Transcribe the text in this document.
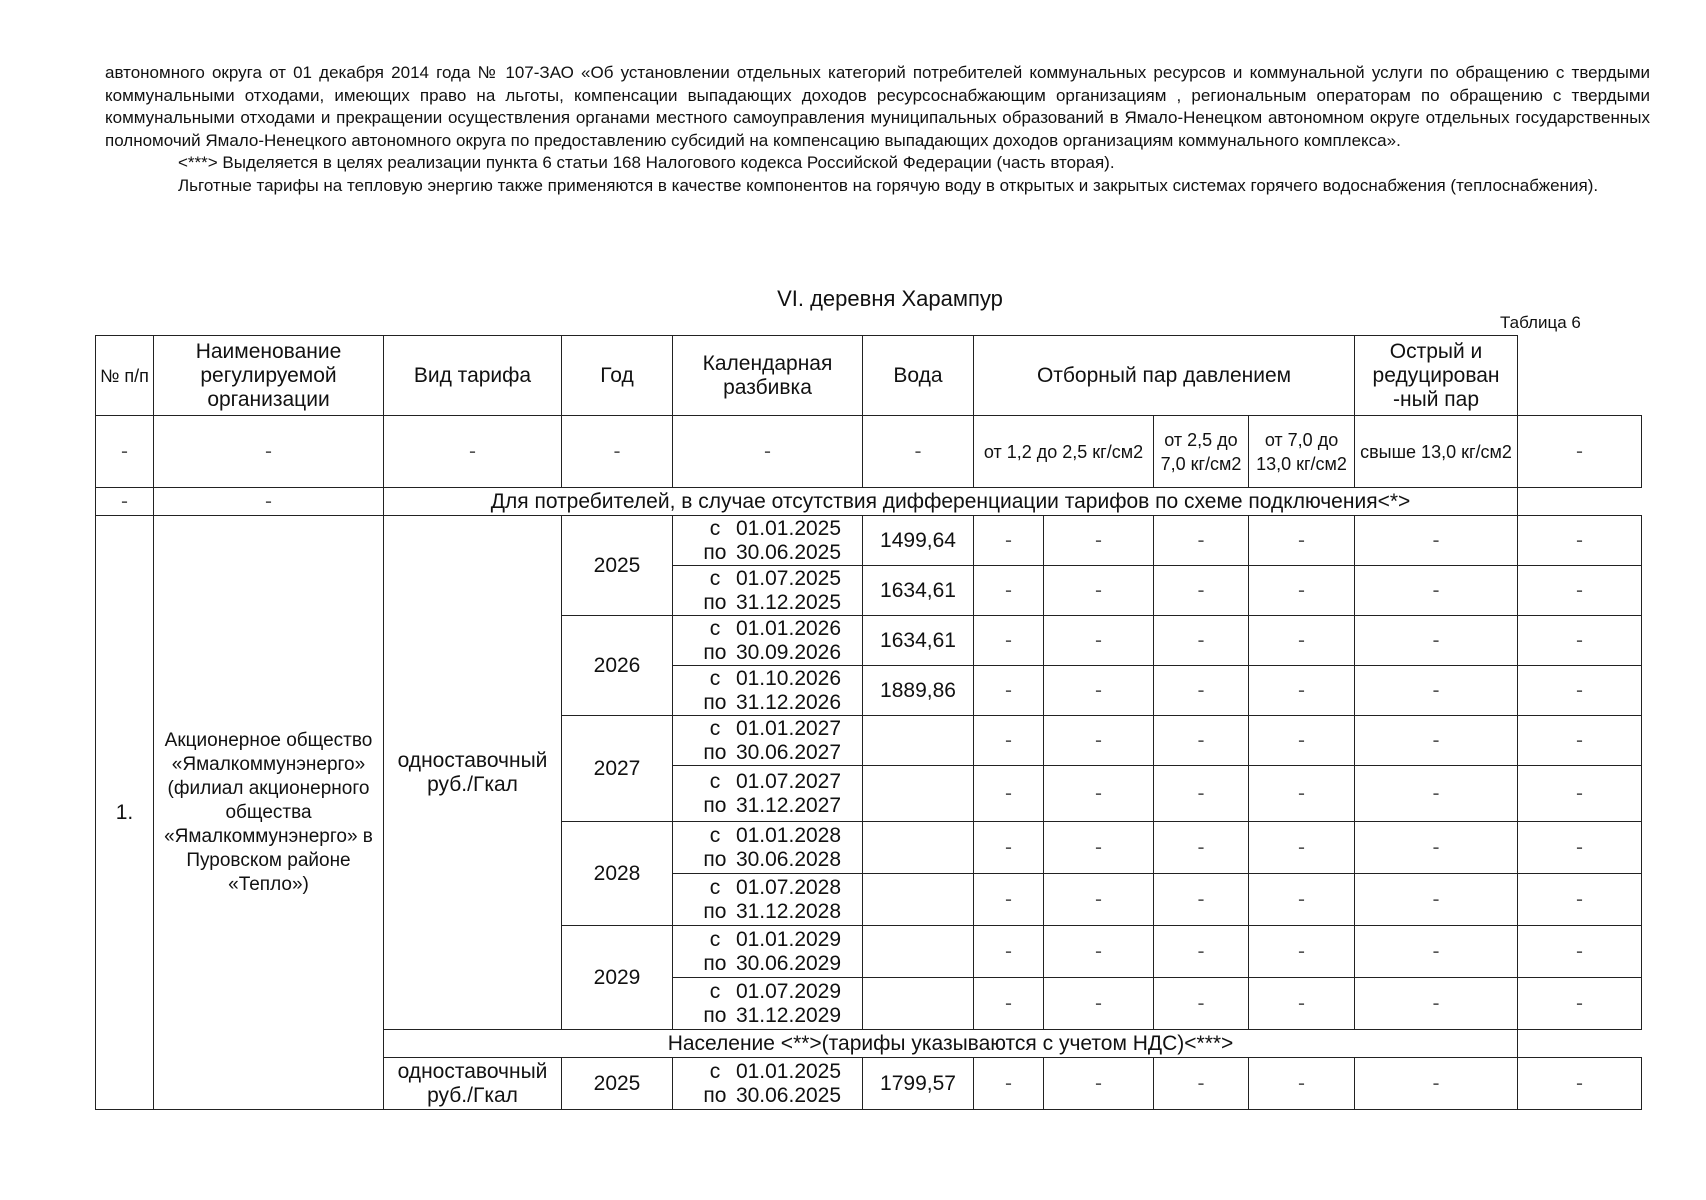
автономного округа от 01 декабря 2014 года № 107-ЗАО «Об установлении отдельных категорий потребителей коммунальных ресурсов и коммунальной услуги по обращению с твердыми коммунальными отходами, имеющих право на льготы, компенсации выпадающих доходов ресурсоснабжающим организациям , региональным операторам по обращению с твердыми коммунальными отходами и прекращении осуществления органами местного самоуправления муниципальных образований в Ямало-Ненецком автономном округе отдельных государственных полномочий Ямало-Ненецкого автономного округа по предоставлению субсидий на компенсацию выпадающих доходов организациям коммунального комплекса».

<***> Выделяется в целях реализации пункта 6 статьи 168 Налогового кодекса Российской Федерации (часть вторая).

Льготные тарифы на тепловую энергию также применяются в качестве компонентов на горячую воду в открытых и закрытых системах горячего водоснабжения (теплоснабжения).

VI. деревня Харампур
Таблица 6
№ п/п	Наименование регулируемой организации	Вид тарифа	Год	Календарная разбивка	Вода	Отборный пар давлением				Острый и редуцирован -ный пар	
-	-	-	-	-	-	от 1,2 до 2,5 кг/см2		от 2,5 до 7,0 кг/см2	от 7,0 до 13,0 кг/см2	свыше 13,0 кг/см2	-
-	-	Для потребителей, в случае отсутствия дифференциации тарифов по схеме подключения<*>									
1.	Акционерное общество «Ямалкоммунэнерго» (филиал акционерного общества «Ямалкоммунэнерго» в Пуровском районе «Тепло»)	одноставочный руб./Гкал	2025	с 01.01.2025
по 30.06.2025	1499,64	-	-	-	-	-	-

				с 01.07.2025
по 31.12.2025	1634,61	-	-	-	-	-	-
			2026	с 01.01.2026
по 30.09.2026	1634,61	-	-	-	-	-	-

				с 01.10.2026
по 31.12.2026	1889,86	-	-	-	-	-	-
			2027	с 01.01.2027
по 30.06.2027		-	-	-	-	-	-

				с 01.07.2027
по 31.12.2027		-	-	-	-	-	-
			2028	с 01.01.2028
по 30.06.2028		-	-	-	-	-	-

				с 01.07.2028
по 31.12.2028		-	-	-	-	-	-
			2029	с 01.01.2029
по 30.06.2029		-	-	-	-	-	-

				с 01.07.2029
по 31.12.2029		-	-	-	-	-	-
		Население <**>(тарифы указываются с учетом НДС)<***>									
		одноставочный руб./Гкал	2025	с 01.01.2025
по 30.06.2025	1799,57	-	-	-	-	-	-
